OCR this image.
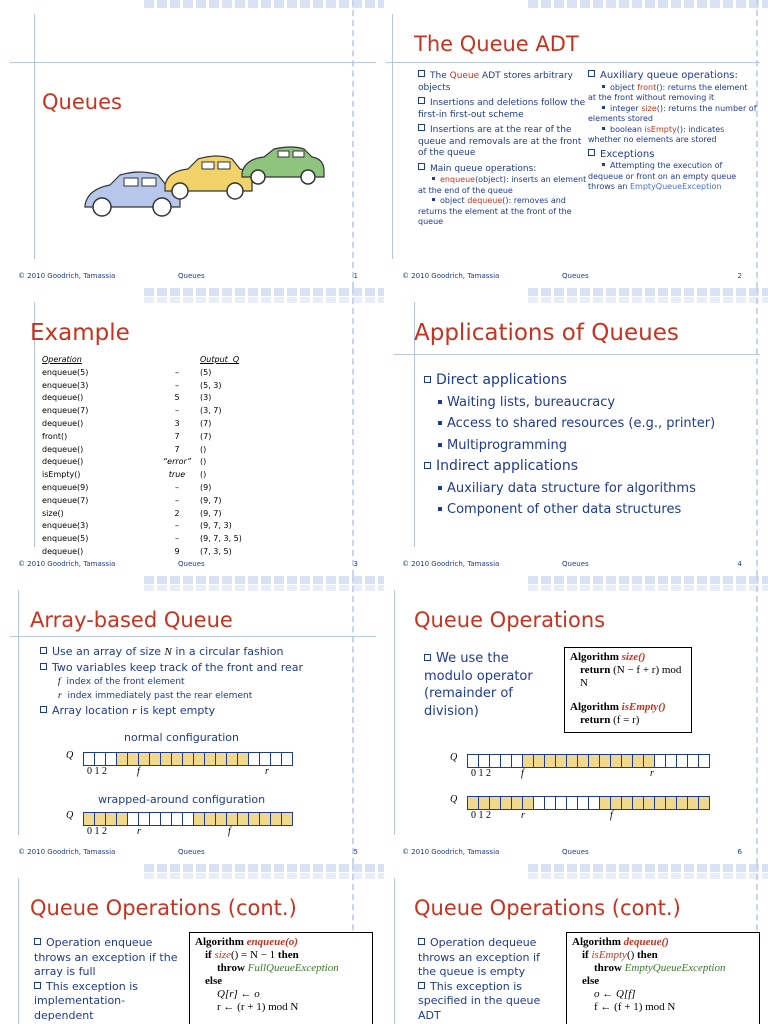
Queues
© 2010 Goodrich, Tamassia	Queues	1
The Queue ADT
The Queue ADT stores arbitrary objects
Insertions and deletions follow the first-in first-out scheme
Insertions are at the rear of the queue and removals are at the front of the queue
Main queue operations:
enqueue(object): inserts an element at the end of the queue
object dequeue(): removes and returns the element at the front of the queue
Auxiliary queue operations:
object front(): returns the element at the front without removing it
integer size(): returns the number of elements stored
boolean isEmpty(): indicates whether no elements are stored
Exceptions
Attempting the execution of dequeue or front on an empty queue throws an EmptyQueueException
© 2010 Goodrich, Tamassia	Queues	2
Example
Operation		Output Q
enqueue(5)	–	(5)
enqueue(3)	–	(5, 3)
dequeue()	5	(3)
enqueue(7)	–	(3, 7)
dequeue()	3	(7)
front()	7	(7)
dequeue()	7	()
dequeue()	“error”	()
isEmpty()	true	()
enqueue(9)	–	(9)
enqueue(7)	–	(9, 7)
size()	2	(9, 7)
enqueue(3)	–	(9, 7, 3)
enqueue(5)	–	(9, 7, 3, 5)
dequeue()	9	(7, 3, 5)
© 2010 Goodrich, Tamassia	Queues	3
Applications of Queues
Direct applications
Waiting lists, bureaucracy
Access to shared resources (e.g., printer)
Multiprogramming
Indirect applications
Auxiliary data structure for algorithms
Component of other data structures
© 2010 Goodrich, Tamassia	Queues	4
Array-based Queue
Use an array of size N in a circular fashion
Two variables keep track of the front and rear
f index of the front element
r index immediately past the rear element
Array location r is kept empty
normal configuration
Q
0 1 2	f	r
wrapped-around configuration
Q
0 1 2	r	f
© 2010 Goodrich, Tamassia	Queues	5
Queue Operations
We use the modulo operator (remainder of division)
Algorithm size()
return (N − f + r) mod N
Algorithm isEmpty()
return (f = r)
Q
0 1 2	f	r
Q
0 1 2	r	f
© 2010 Goodrich, Tamassia	Queues	6
Queue Operations (cont.)
Operation enqueue throws an exception if the array is full
This exception is implementation-dependent
Algorithm enqueue(o)
if size() = N − 1 then
throw FullQueueException
else
Q[r] ← o
r ← (r + 1) mod N
Queue Operations (cont.)
Operation dequeue throws an exception if the queue is empty
This exception is specified in the queue ADT
Algorithm dequeue()
if isEmpty() then
throw EmptyQueueException
else
o ← Q[f]
f ← (f + 1) mod N
